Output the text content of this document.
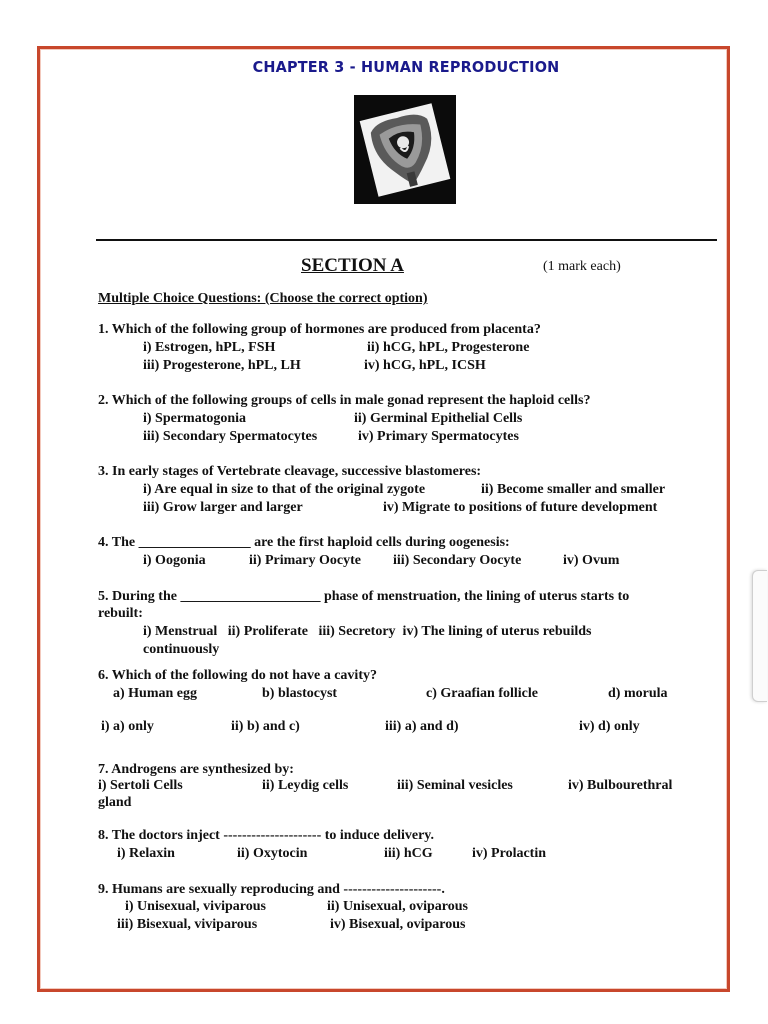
CHAPTER 3 - HUMAN REPRODUCTION
SECTION A	(1 mark each)
Multiple Choice Questions: (Choose the correct option)
1. Which of the following group of hormones are produced from placenta?
i) Estrogen, hPL, FSH	ii) hCG, hPL, Progesterone
iii) Progesterone, hPL, LH	iv) hCG, hPL, ICSH
2. Which of the following groups of cells in male gonad represent the haploid cells?
i) Spermatogonia	ii) Germinal Epithelial Cells
iii) Secondary Spermatocytes	iv) Primary Spermatocytes
3. In early stages of Vertebrate cleavage, successive blastomeres:
i) Are equal in size to that of the original zygote	ii) Become smaller and smaller
iii) Grow larger and larger	iv) Migrate to positions of future development
4. The ________________ are the first haploid cells during oogenesis:
i) Oogonia	ii) Primary Oocyte iii) Secondary Oocyte	iv) Ovum
5. During the ____________________ phase of menstruation, the lining of uterus starts to
rebuilt:
i) Menstrual   ii) Proliferate   iii) Secretory  iv) The lining of uterus rebuilds
continuously
6. Which of the following do not have a cavity?
a) Human egg	b) blastocyst	c) Graafian follicle	d) morula
i) a) only	ii) b) and c)	iii) a) and d)	iv) d) only
7. Androgens are synthesized by:
i) Sertoli Cells	ii) Leydig cells	iii) Seminal vesicles	iv) Bulbourethral
gland
8. The doctors inject --------------------- to induce delivery.
i) Relaxin	ii) Oxytocin	iii) hCG	iv) Prolactin
9. Humans are sexually reproducing and ---------------------.
i) Unisexual, viviparous	ii) Unisexual, oviparous
iii) Bisexual, viviparous	iv) Bisexual, oviparous
